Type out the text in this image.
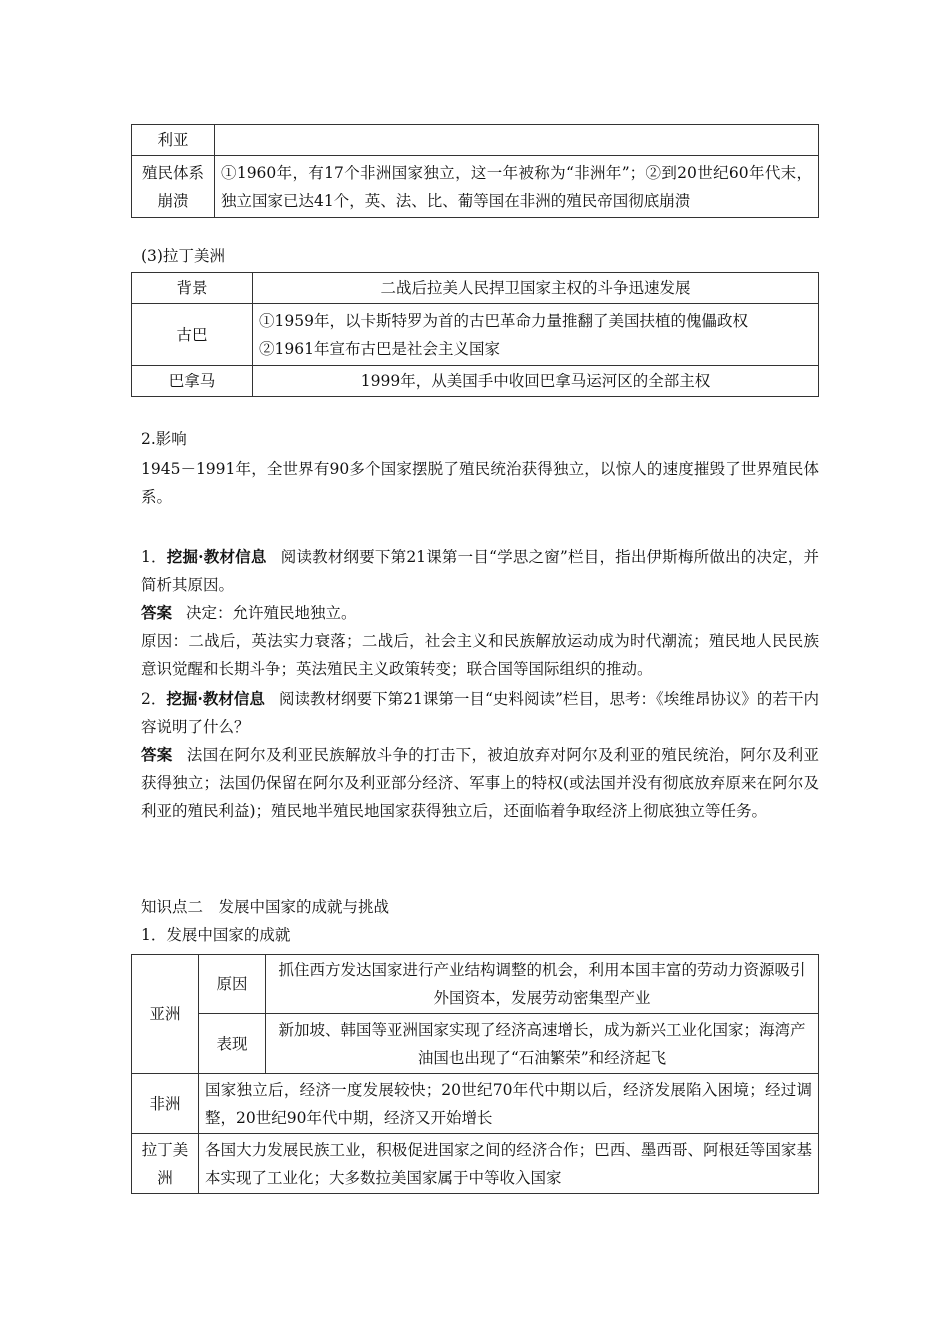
利亚	
殖民体系崩溃	①1960年，有17个非洲国家独立，这一年被称为“非洲年”；②到20世纪60年代末，独立国家已达41个，英、法、比、葡等国在非洲的殖民帝国彻底崩溃

(3)拉丁美洲

背景	二战后拉美人民捍卫国家主权的斗争迅速发展
古巴	①1959年，以卡斯特罗为首的古巴革命力量推翻了美国扶植的傀儡政权
②1961年宣布古巴是社会主义国家

巴拿马	1999年，从美国手中收回巴拿马运河区的全部主权

2.影响

1945－1991年，全世界有90多个国家摆脱了殖民统治获得独立，以惊人的速度摧毁了世界殖民体系。

1．挖掘·教材信息 阅读教材纲要下第21课第一目“学思之窗”栏目，指出伊斯梅所做出的决定，并简析其原因。

答案 决定：允许殖民地独立。

原因：二战后，英法实力衰落；二战后，社会主义和民族解放运动成为时代潮流；殖民地人民民族意识觉醒和长期斗争；英法殖民主义政策转变；联合国等国际组织的推动。

2．挖掘·教材信息 阅读教材纲要下第21课第一目“史料阅读”栏目，思考：《埃维昂协议》的若干内容说明了什么？

答案 法国在阿尔及利亚民族解放斗争的打击下，被迫放弃对阿尔及利亚的殖民统治，阿尔及利亚获得独立；法国仍保留在阿尔及利亚部分经济、军事上的特权(或法国并没有彻底放弃原来在阿尔及利亚的殖民利益)；殖民地半殖民地国家获得独立后，还面临着争取经济上彻底独立等任务。

知识点二　发展中国家的成就与挑战

1．发展中国家的成就

亚洲	原因	抓住西方发达国家进行产业结构调整的机会，利用本国丰富的劳动力资源吸引外国资本，发展劳动密集型产业
	表现	新加坡、韩国等亚洲国家实现了经济高速增长，成为新兴工业化国家；海湾产油国也出现了“石油繁荣”和经济起飞
非洲	国家独立后，经济一度发展较快；20世纪70年代中期以后，经济发展陷入困境；经过调整，20世纪90年代中期，经济又开始增长	
拉丁美洲	各国大力发展民族工业，积极促进国家之间的经济合作；巴西、墨西哥、阿根廷等国家基本实现了工业化；大多数拉美国家属于中等收入国家	
